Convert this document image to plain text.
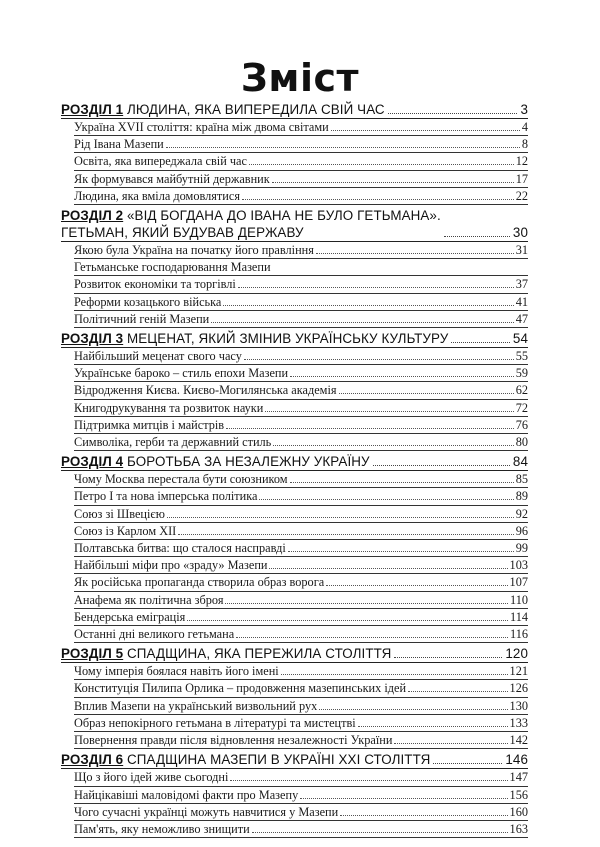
Зміст
РОЗДІЛ 1 ЛЮДИНА, ЯКА ВИПЕРЕДИЛА СВІЙ ЧАС	3
Україна XVII століття: країна між двома світами	4
Рід Івана Мазепи	8
Освіта, яка випереджала свій час	12
Як формувався майбутній державник	17
Людина, яка вміла домовлятися	22
РОЗДІЛ 2 «ВІД БОГДАНА ДО ІВАНА НЕ БУЛО ГЕТЬМАНА».
ГЕТЬМАН, ЯКИЙ БУДУВАВ ДЕРЖАВУ	30
Якою була Україна на початку його правління	31
Гетьманське господарювання Мазепи
Розвиток економіки та торгівлі	37
Реформи козацького війська	41
Політичний геній Мазепи	47
РОЗДІЛ 3 МЕЦЕНАТ, ЯКИЙ ЗМІНИВ УКРАЇНСЬКУ КУЛЬТУРУ	54
Найбільший меценат свого часу	55
Українське бароко – стиль епохи Мазепи	59
Відродження Києва. Києво-Могилянська академія	62
Книгодрукування та розвиток науки	72
Підтримка митців і майстрів	76
Символіка, герби та державний стиль	80
РОЗДІЛ 4 БОРОТЬБА ЗА НЕЗАЛЕЖНУ УКРАЇНУ	84
Чому Москва перестала бути союзником	85
Петро I та нова імперська політика	89
Союз зі Швецією	92
Союз із Карлом XII	96
Полтавська битва: що сталося насправді	99
Найбільші міфи про «зраду» Мазепи	103
Як російська пропаганда створила образ ворога	107
Анафема як політична зброя	110
Бендерська еміграція	114
Останні дні великого гетьмана	116
РОЗДІЛ 5 СПАДЩИНА, ЯКА ПЕРЕЖИЛА СТОЛІТТЯ	120
Чому імперія боялася навіть його імені	121
Конституція Пилипа Орлика – продовження мазепинських ідей	126
Вплив Мазепи на український визвольний рух	130
Образ непокірного гетьмана в літературі та мистецтві	133
Повернення правди після відновлення незалежності України	142
РОЗДІЛ 6 СПАДЩИНА МАЗЕПИ В УКРАЇНІ XXI СТОЛІТТЯ	146
Що з його ідей живе сьогодні	147
Найцікавіші маловідомі факти про Мазепу	156
Чого сучасні українці можуть навчитися у Мазепи	160
Пам'ять, яку неможливо знищити	163
